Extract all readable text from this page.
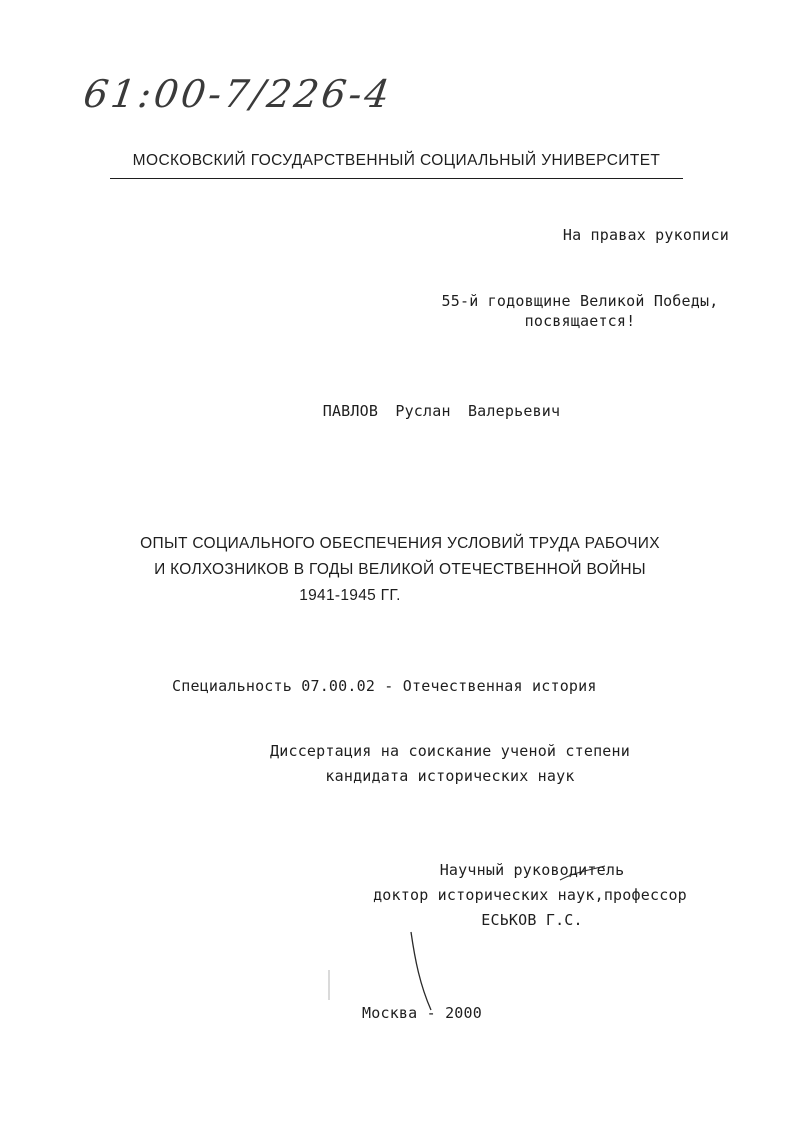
61:00-7/226-4
МОСКОВСКИЙ ГОСУДАРСТВЕННЫЙ СОЦИАЛЬНЫЙ УНИВЕРСИТЕТ
На правах рукописи
55-й годовщине Великой Победы,
посвящается!
ПАВЛОВ Руслан Валерьевич
ОПЫТ СОЦИАЛЬНОГО ОБЕСПЕЧЕНИЯ УСЛОВИЙ ТРУДА РАБОЧИХ
И КОЛХОЗНИКОВ В ГОДЫ ВЕЛИКОЙ ОТЕЧЕСТВЕННОЙ ВОЙНЫ
1941-1945 ГГ.
Специальность 07.00.02 - Отечественная история
Диссертация на соискание ученой степени
кандидата исторических наук
Научный руководитель
доктор исторических наук,профессор
ЕСЬКОВ Г.С.
Москва - 2000
